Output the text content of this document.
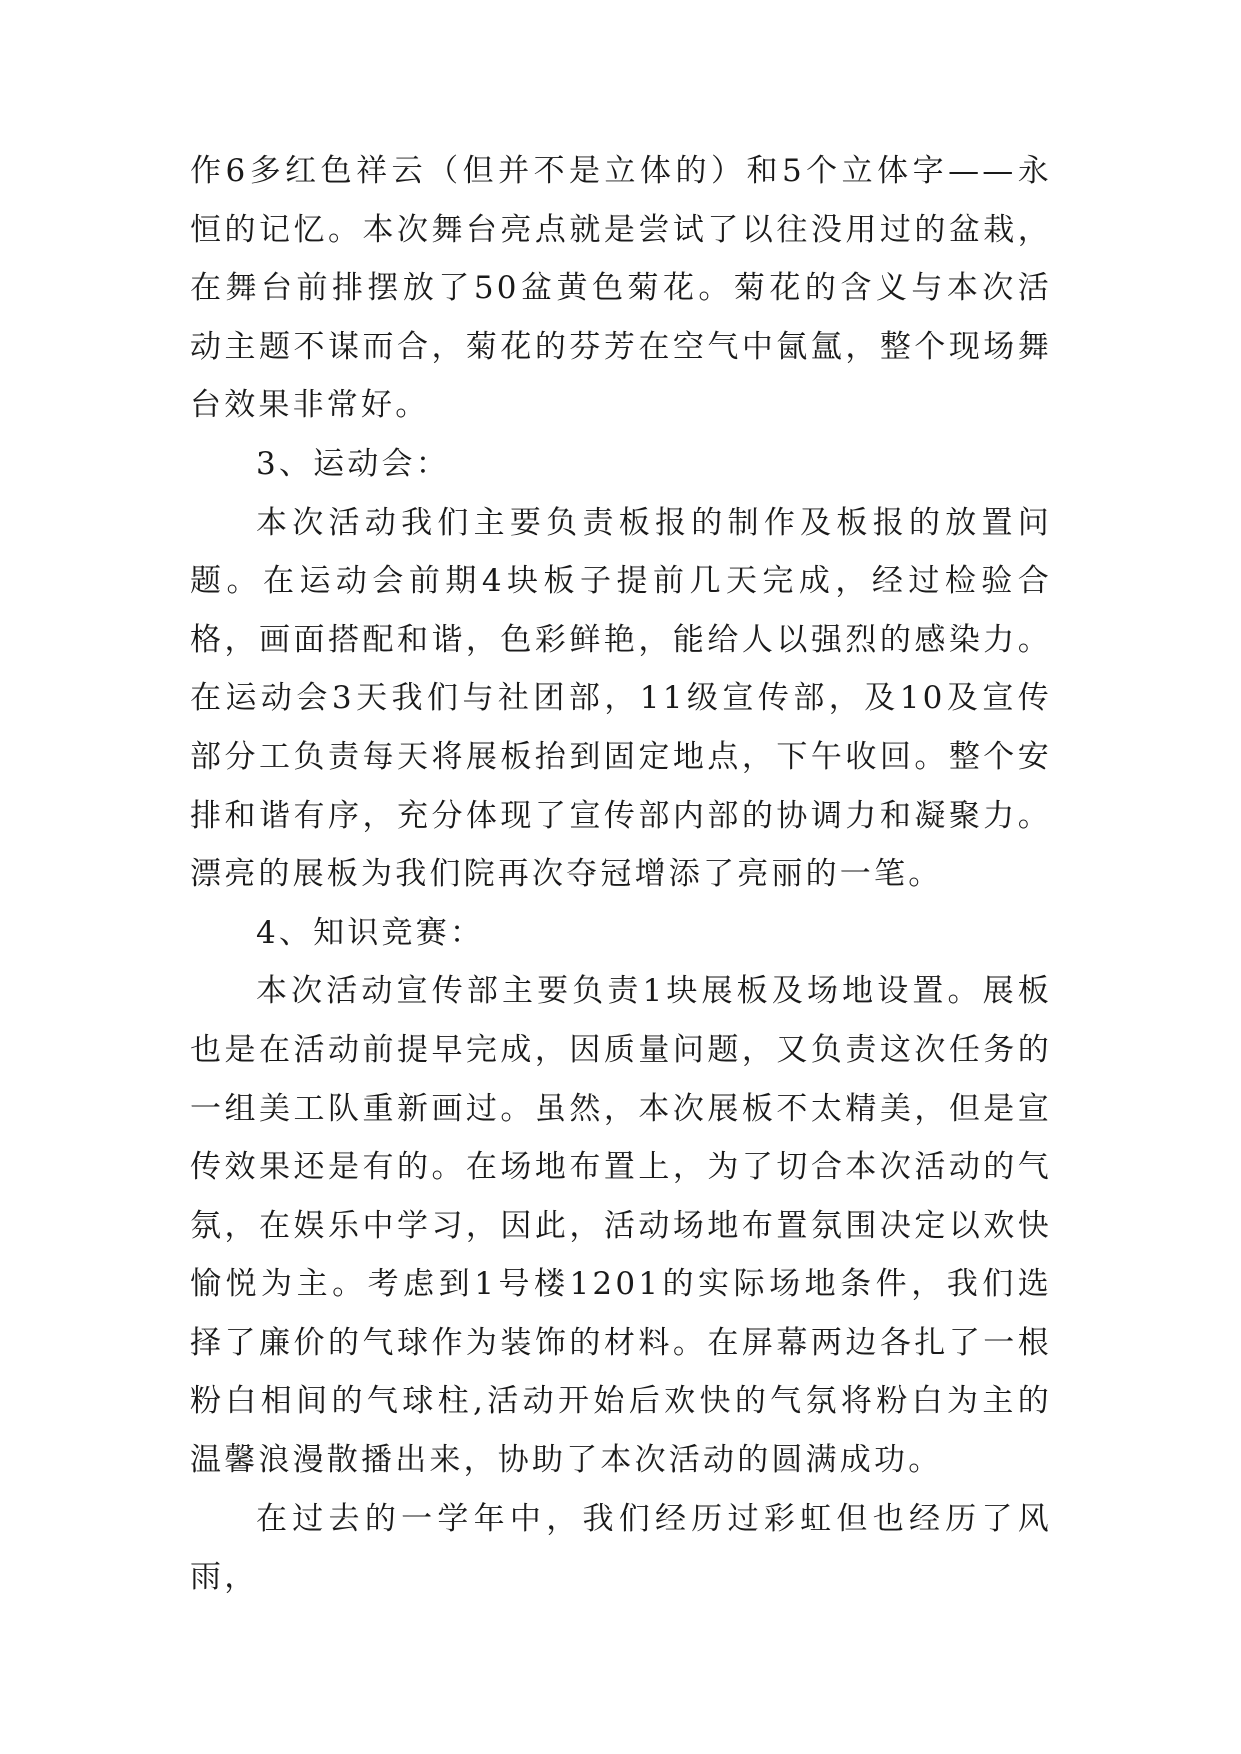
作6多红色祥云（但并不是立体的）和5个立体字——永恒的记忆。本次舞台亮点就是尝试了以往没用过的盆栽，在舞台前排摆放了50盆黄色菊花。菊花的含义与本次活动主题不谋而合，菊花的芬芳在空气中氤氲，整个现场舞台效果非常好。

3、运动会：

本次活动我们主要负责板报的制作及板报的放置问题。在运动会前期4块板子提前几天完成，经过检验合格，画面搭配和谐，色彩鲜艳，能给人以强烈的感染力。在运动会3天我们与社团部，11级宣传部，及10及宣传部分工负责每天将展板抬到固定地点，下午收回。整个安排和谐有序，充分体现了宣传部内部的协调力和凝聚力。漂亮的展板为我们院再次夺冠增添了亮丽的一笔。

4、知识竞赛：

本次活动宣传部主要负责1块展板及场地设置。展板也是在活动前提早完成，因质量问题，又负责这次任务的一组美工队重新画过。虽然，本次展板不太精美，但是宣传效果还是有的。在场地布置上，为了切合本次活动的气氛，在娱乐中学习，因此，活动场地布置氛围决定以欢快愉悦为主。考虑到1号楼1201的实际场地条件，我们选择了廉价的气球作为装饰的材料。在屏幕两边各扎了一根粉白相间的气球柱,活动开始后欢快的气氛将粉白为主的温馨浪漫散播出来，协助了本次活动的圆满成功。

在过去的一学年中，我们经历过彩虹但也经历了风雨，
